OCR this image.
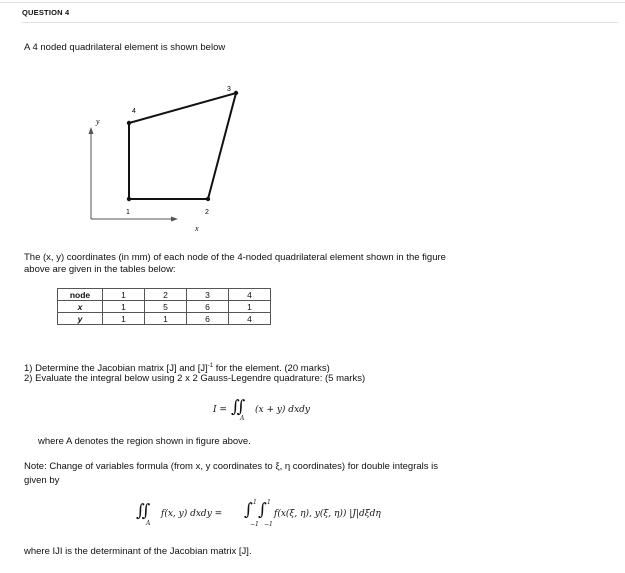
QUESTION 4
A 4 noded quadrilateral element is shown below
y
x
1	2
3
4
The (x, y) coordinates (in mm) of each node of the 4-noded quadrilateral element shown in the figure
above are given in the tables below:
node	1	2	3	4
x	1	5	6	1
y	1	1	6	4
1) Determine the Jacobian matrix [J] and $[J]^{-1}$ for the element. (20 marks)
2) Evaluate the integral below using 2 x 2 Gauss-Legendre quadrature: (5 marks)
I = ∬
A
(x + y) dxdy
where A denotes the region shown in figure above.
Note: Change of variables formula (from x, y coordinates to ξ, η coordinates) for double integrals is
given by
∬
A
f(x, y) dxdy = ∫ 1
−1
∫ 1
−1
f(x(ξ, η), y(ξ, η)) |J|dξdη
where IJI is the determinant of the Jacobian matrix [J].
